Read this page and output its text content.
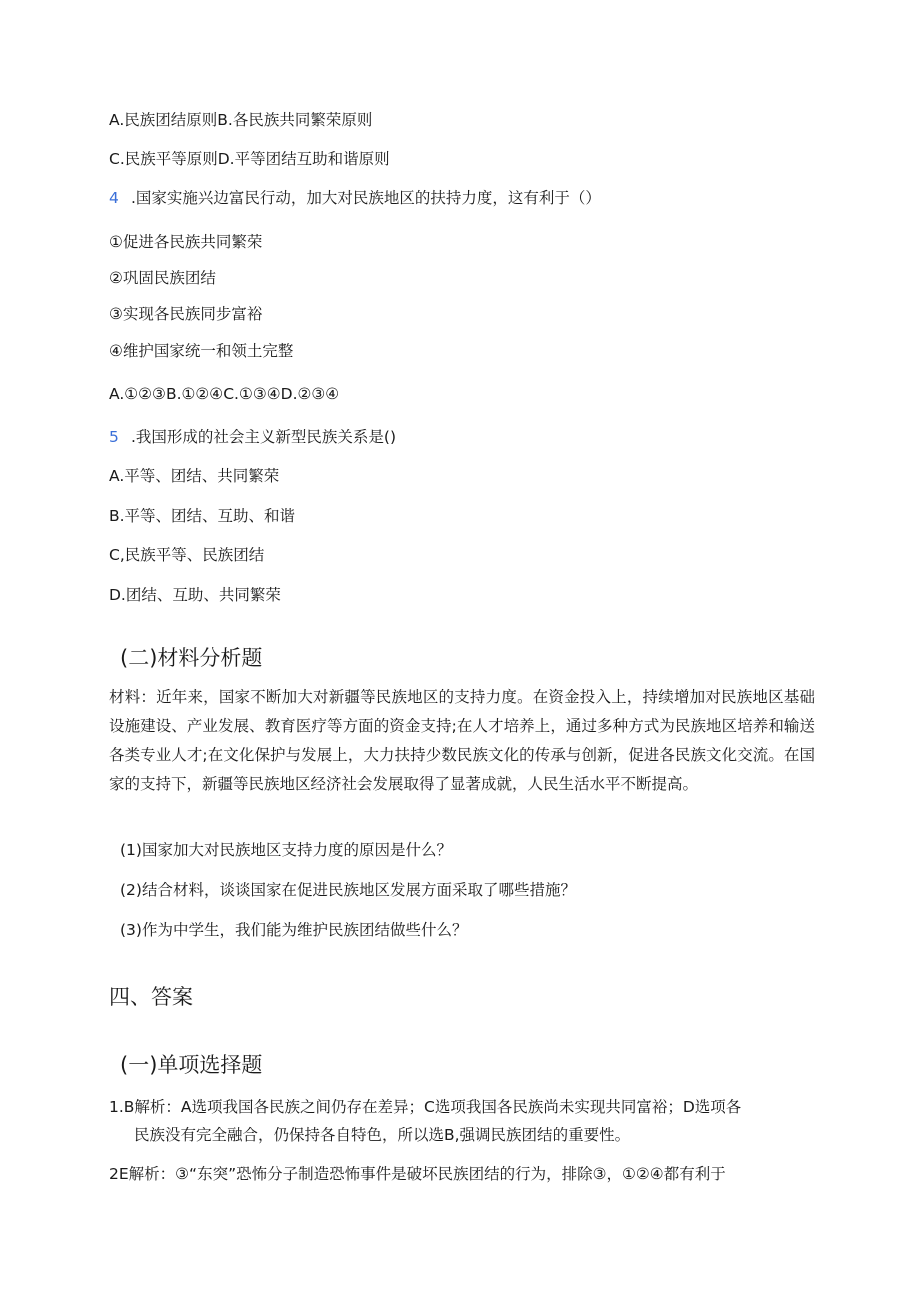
A.民族团结原则B.各民族共同繁荣原则
C.民族平等原则D.平等团结互助和谐原则
4 .国家实施兴边富民行动，加大对民族地区的扶持力度，这有利于（）
①促进各民族共同繁荣
②巩固民族团结
③实现各民族同步富裕
④维护国家统一和领土完整
A.①②③B.①②④C.①③④D.②③④
5 .我国形成的社会主义新型民族关系是()
A.平等、团结、共同繁荣
B.平等、团结、互助、和谐
C,民族平等、民族团结
D.团结、互助、共同繁荣
(二)材料分析题
材料：近年来，国家不断加大对新疆等民族地区的支持力度。在资金投入上，持续增加对民族地区基础设施建设、产业发展、教育医疗等方面的资金支持;在人才培养上，通过多种方式为民族地区培养和输送各类专业人才;在文化保护与发展上，大力扶持少数民族文化的传承与创新，促进各民族文化交流。在国家的支持下，新疆等民族地区经济社会发展取得了显著成就，人民生活水平不断提高。
(1)国家加大对民族地区支持力度的原因是什么？
(2)结合材料，谈谈国家在促进民族地区发展方面采取了哪些措施？
(3)作为中学生，我们能为维护民族团结做些什么？
四、答案
(一)单项选择题
1.B解析：A选项我国各民族之间仍存在差异；C选项我国各民族尚未实现共同富裕；D选项各
民族没有完全融合，仍保持各自特色，所以选B,强调民族团结的重要性。
2E解析：③“东突”恐怖分子制造恐怖事件是破坏民族团结的行为，排除③，①②④都有利于
